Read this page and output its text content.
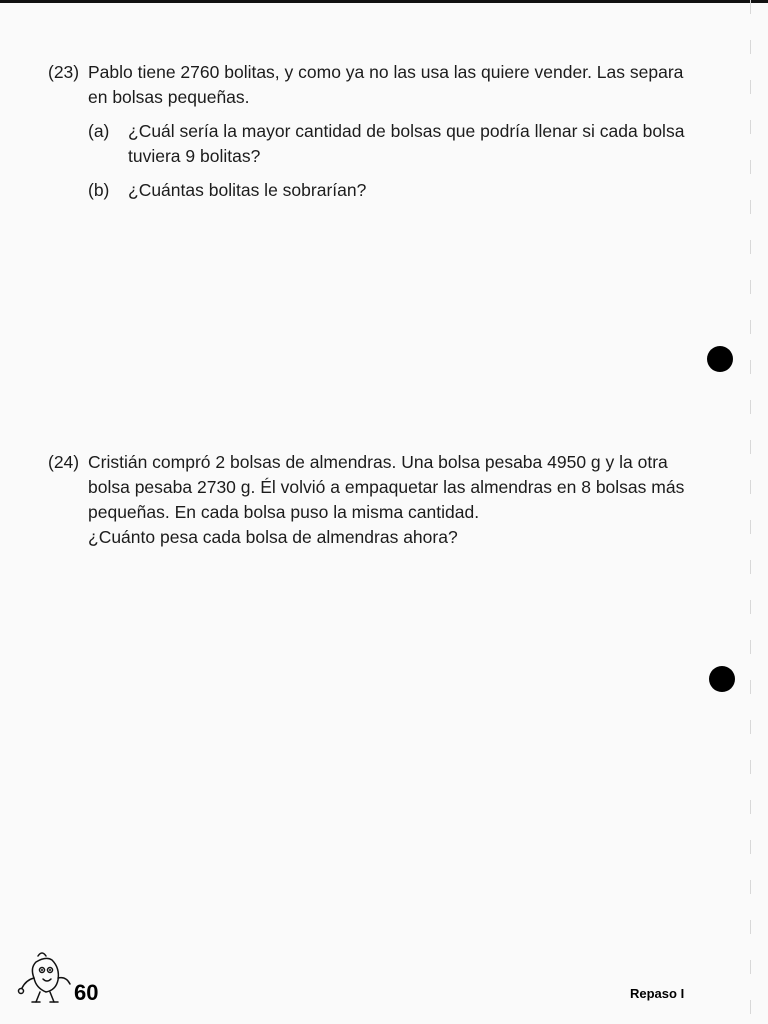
(23) Pablo tiene 2760 bolitas, y como ya no las usa las quiere vender. Las separa

en bolsas pequeñas.

(a) ¿Cuál sería la mayor cantidad de bolsas que podría llenar si cada bolsa tuviera 9 bolitas?

(b) ¿Cuántas bolitas le sobrarían?

(24) Cristián compró 2 bolsas de almendras. Una bolsa pesaba 4950 g y la otra

bolsa pesaba 2730 g. Él volvió a empaquetar las almendras en 8 bolsas más

pequeñas. En cada bolsa puso la misma cantidad.

¿Cuánto pesa cada bolsa de almendras ahora?

60	Repaso I
